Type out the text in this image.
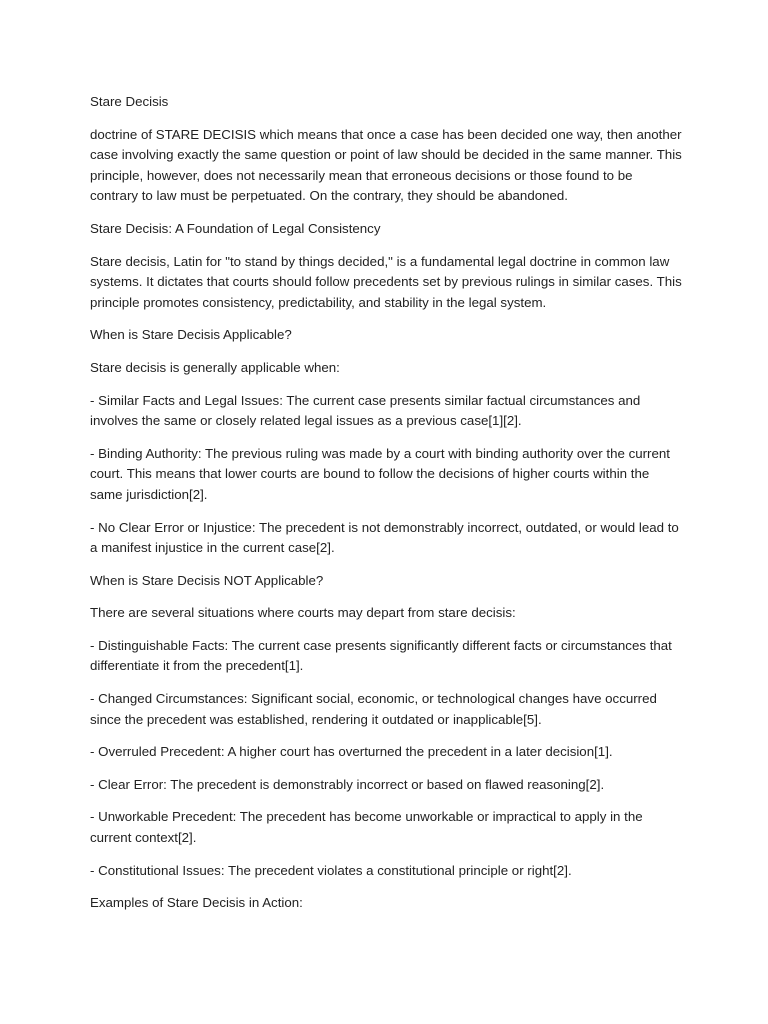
Stare Decisis

doctrine of STARE DECISIS which means that once a case has been decided one way, then another case involving exactly the same question or point of law should be decided in the same manner. This principle, however, does not necessarily mean that erroneous decisions or those found to be contrary to law must be perpetuated. On the contrary, they should be abandoned.

Stare Decisis: A Foundation of Legal Consistency

Stare decisis, Latin for "to stand by things decided," is a fundamental legal doctrine in common law systems. It dictates that courts should follow precedents set by previous rulings in similar cases. This principle promotes consistency, predictability, and stability in the legal system.

When is Stare Decisis Applicable?

Stare decisis is generally applicable when:

- Similar Facts and Legal Issues: The current case presents similar factual circumstances and involves the same or closely related legal issues as a previous case[1][2].

- Binding Authority: The previous ruling was made by a court with binding authority over the current court. This means that lower courts are bound to follow the decisions of higher courts within the same jurisdiction[2].

- No Clear Error or Injustice: The precedent is not demonstrably incorrect, outdated, or would lead to a manifest injustice in the current case[2].

When is Stare Decisis NOT Applicable?

There are several situations where courts may depart from stare decisis:

- Distinguishable Facts: The current case presents significantly different facts or circumstances that differentiate it from the precedent[1].

- Changed Circumstances: Significant social, economic, or technological changes have occurred since the precedent was established, rendering it outdated or inapplicable[5].

- Overruled Precedent: A higher court has overturned the precedent in a later decision[1].

- Clear Error: The precedent is demonstrably incorrect or based on flawed reasoning[2].

- Unworkable Precedent: The precedent has become unworkable or impractical to apply in the current context[2].

- Constitutional Issues: The precedent violates a constitutional principle or right[2].

Examples of Stare Decisis in Action:
